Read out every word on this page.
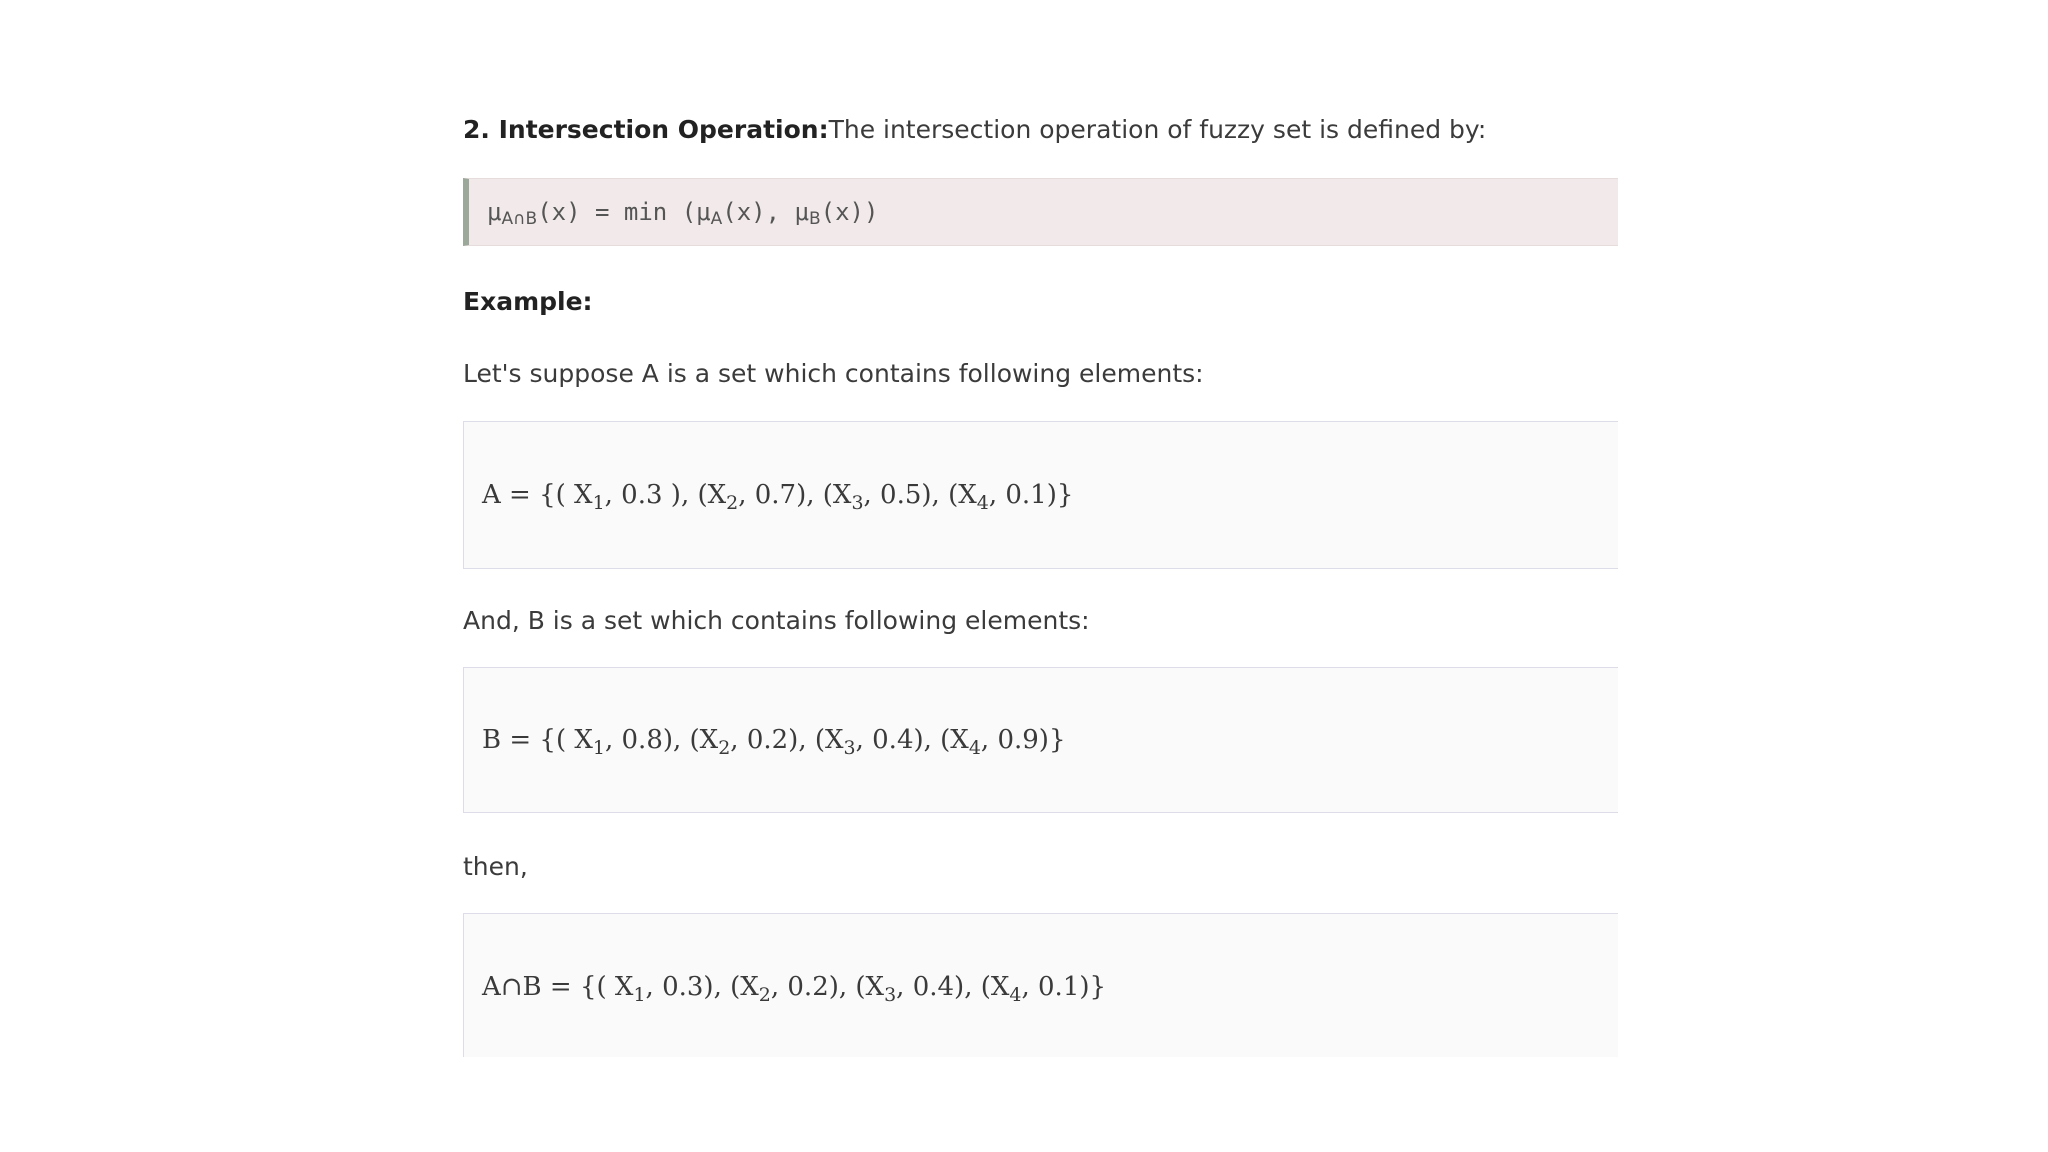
2. Intersection Operation:The intersection operation of fuzzy set is defined by:

$\mu_{A\cap B}(x) = \min (\mu_A(x)$, $\mu_B(x)$)

Example:

Let's suppose A is a set which contains following elements:

A = {( $X_1$, 0.3 ), ($X_2$, 0.7), ($X_3$, 0.5), ($X_4$, 0.1)}

And, B is a set which contains following elements:

B = {( $X_1$, 0.8), ($X_2$, 0.2), ($X_3$, 0.4), ($X_4$, 0.9)}

then,

A∩B = {( $X_1$, 0.3), ($X_2$, 0.2), ($X_3$, 0.4), ($X_4$, 0.1)}
